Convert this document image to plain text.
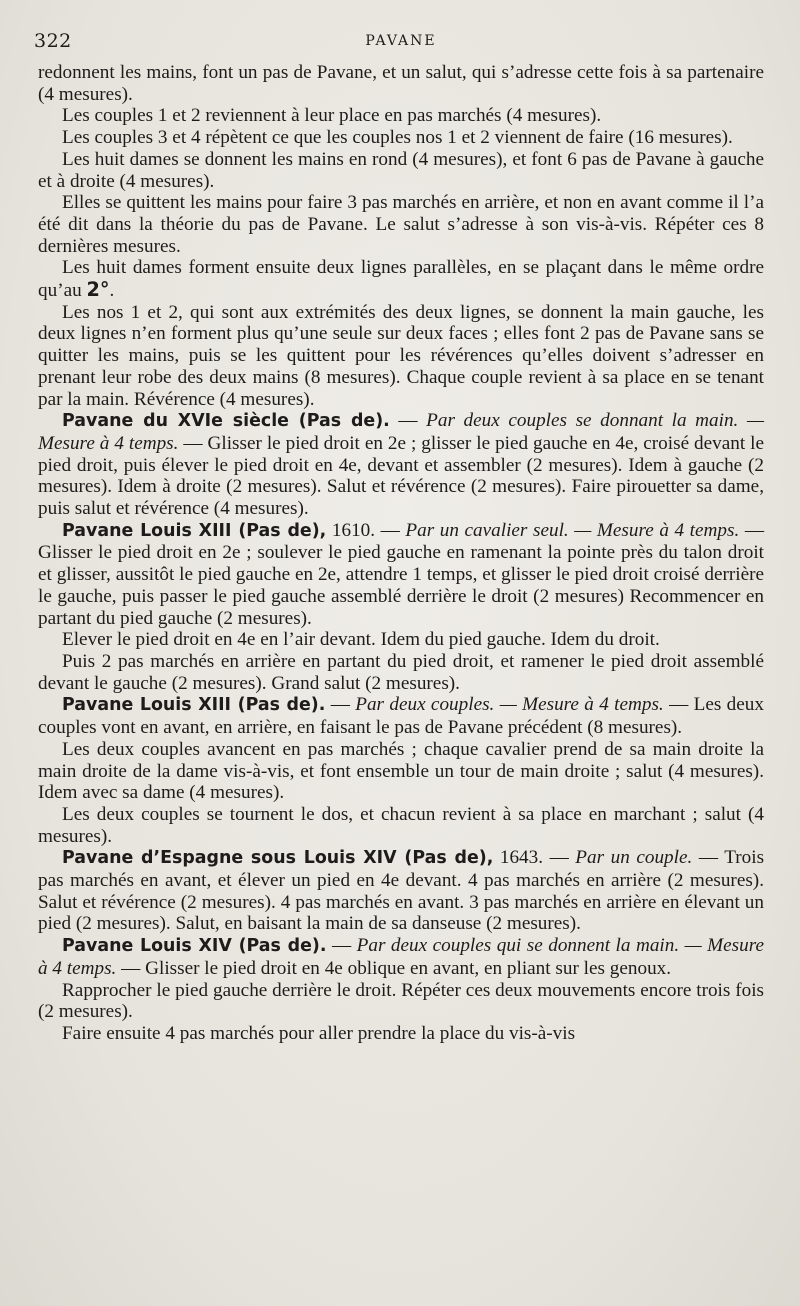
322	PAVANE

redonnent les mains, font un pas de Pavane, et un salut, qui s’adresse cette fois à sa partenaire (4 mesures).

Les couples 1 et 2 reviennent à leur place en pas marchés (4 mesures).

Les couples 3 et 4 répètent ce que les couples nos 1 et 2 viennent de faire (16 mesures).

Les huit dames se donnent les mains en rond (4 mesures), et font 6 pas de Pavane à gauche et à droite (4 mesures).

Elles se quittent les mains pour faire 3 pas marchés en arrière, et non en avant comme il l’a été dit dans la théorie du pas de Pavane. Le salut s’adresse à son vis-à-vis. Répéter ces 8 dernières mesures.

Les huit dames forment ensuite deux lignes parallèles, en se plaçant dans le même ordre qu’au 2°.

Les nos 1 et 2, qui sont aux extrémités des deux lignes, se donnent la main gauche, les deux lignes n’en forment plus qu’une seule sur deux faces ; elles font 2 pas de Pavane sans se quitter les mains, puis se les quittent pour les révérences qu’elles doivent s’adresser en prenant leur robe des deux mains (8 mesures). Chaque couple revient à sa place en se tenant par la main. Révérence (4 mesures).

Pavane du XVIe siècle (Pas de). — Par deux couples se donnant la main. — Mesure à 4 temps. — Glisser le pied droit en 2e ; glisser le pied gauche en 4e, croisé devant le pied droit, puis élever le pied droit en 4e, devant et assembler (2 mesures). Idem à gauche (2 mesures). Idem à droite (2 mesures). Salut et révérence (2 mesures). Faire pirouetter sa dame, puis salut et révérence (4 mesures).

Pavane Louis XIII (Pas de), 1610. — Par un cavalier seul. — Mesure à 4 temps. — Glisser le pied droit en 2e ; soulever le pied gauche en ramenant la pointe près du talon droit et glisser, aussitôt le pied gauche en 2e, attendre 1 temps, et glisser le pied droit croisé derrière le gauche, puis passer le pied gauche assemblé derrière le droit (2 mesures) Recommencer en partant du pied gauche (2 mesures).

Elever le pied droit en 4e en l’air devant. Idem du pied gauche. Idem du droit.

Puis 2 pas marchés en arrière en partant du pied droit, et ramener le pied droit assemblé devant le gauche (2 mesures). Grand salut (2 mesures).

Pavane Louis XIII (Pas de). — Par deux couples. — Mesure à 4 temps. — Les deux couples vont en avant, en arrière, en faisant le pas de Pavane précédent (8 mesures).

Les deux couples avancent en pas marchés ; chaque cavalier prend de sa main droite la main droite de la dame vis-à-vis, et font ensemble un tour de main droite ; salut (4 mesures). Idem avec sa dame (4 mesures).

Les deux couples se tournent le dos, et chacun revient à sa place en marchant ; salut (4 mesures).

Pavane d’Espagne sous Louis XIV (Pas de), 1643. — Par un couple. — Trois pas marchés en avant, et élever un pied en 4e devant. 4 pas marchés en arrière (2 mesures). Salut et révérence (2 mesures). 4 pas marchés en avant. 3 pas marchés en arrière en élevant un pied (2 mesures). Salut, en baisant la main de sa danseuse (2 mesures).

Pavane Louis XIV (Pas de). — Par deux couples qui se donnent la main. — Mesure à 4 temps. — Glisser le pied droit en 4e oblique en avant, en pliant sur les genoux.

Rapprocher le pied gauche derrière le droit. Répéter ces deux mouvements encore trois fois (2 mesures).

Faire ensuite 4 pas marchés pour aller prendre la place du vis-à-vis
